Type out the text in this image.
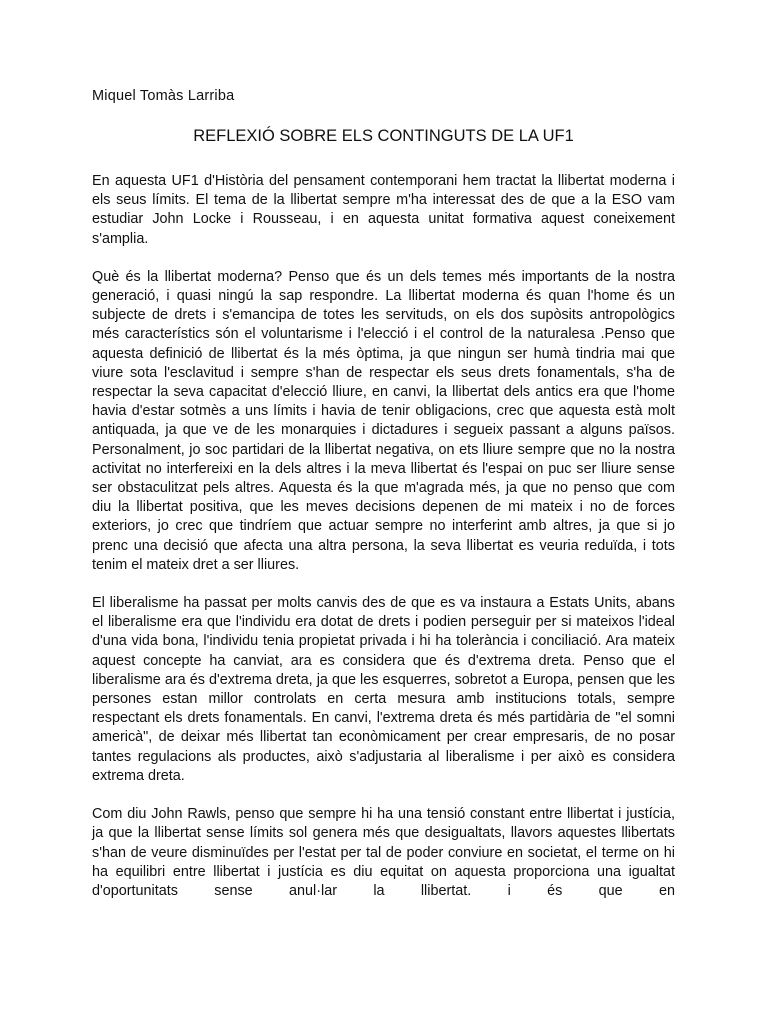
Miquel Tomàs Larriba

REFLEXIÓ SOBRE ELS CONTINGUTS DE LA UF1

En aquesta UF1 d'Història del pensament contemporani hem tractat la llibertat moderna i els seus límits. El tema de la llibertat sempre m'ha interessat des de que a la ESO vam estudiar John Locke i Rousseau, i en aquesta unitat formativa aquest coneixement s'amplia.

Què és la llibertat moderna? Penso que és un dels temes més importants de la nostra generació, i quasi ningú la sap respondre. La llibertat moderna és quan l'home és un subjecte de drets i s'emancipa de totes les servituds, on els dos supòsits antropològics més característics són el voluntarisme i l'elecció i el control de la naturalesa .Penso que aquesta definició de llibertat és la més òptima, ja que ningun ser humà tindria mai que viure sota l'esclavitud i sempre s'han de respectar els seus drets fonamentals, s'ha de respectar la seva capacitat d'elecció lliure, en canvi, la llibertat dels antics era que l'home havia d'estar sotmès a uns límits i havia de tenir obligacions, crec que aquesta està molt antiquada, ja que ve de les monarquies i dictadures i segueix passant a alguns països. Personalment, jo soc partidari de la llibertat negativa, on ets lliure sempre que no la nostra activitat no interfereixi en la dels altres i la meva llibertat és l'espai on puc ser lliure sense ser obstaculitzat pels altres. Aquesta és la que m'agrada més, ja que no penso que com diu la llibertat positiva, que les meves decisions depenen de mi mateix i no de forces exteriors, jo crec que tindríem que actuar sempre no interferint amb altres, ja que si jo prenc una decisió que afecta una altra persona, la seva llibertat es veuria reduïda, i tots tenim el mateix dret a ser lliures.

El liberalisme ha passat per molts canvis des de que es va instaura a Estats Units, abans el liberalisme era que l'individu era dotat de drets i podien perseguir per si mateixos l'ideal d'una vida bona, l'individu tenia propietat privada i hi ha tolerància i conciliació. Ara mateix aquest concepte ha canviat, ara es considera que és d'extrema dreta. Penso que el liberalisme ara és d'extrema dreta, ja que les esquerres, sobretot a Europa, pensen que les persones estan millor controlats en certa mesura amb institucions totals, sempre respectant els drets fonamentals. En canvi, l'extrema dreta és més partidària de "el somni americà", de deixar més llibertat tan econòmicament per crear empresaris, de no posar tantes regulacions als productes, això s'adjustaria al liberalisme i per això es considera extrema dreta.

Com diu John Rawls, penso que sempre hi ha una tensió constant entre llibertat i justícia, ja que la llibertat sense límits sol genera més que desigualtats, llavors aquestes llibertats s'han de veure disminuïdes per l'estat per tal de poder conviure en societat, el terme on hi ha equilibri entre llibertat i justícia es diu equitat on aquesta proporciona una igualtat d'oportunitats sense anul·lar la llibertat. i és que en
